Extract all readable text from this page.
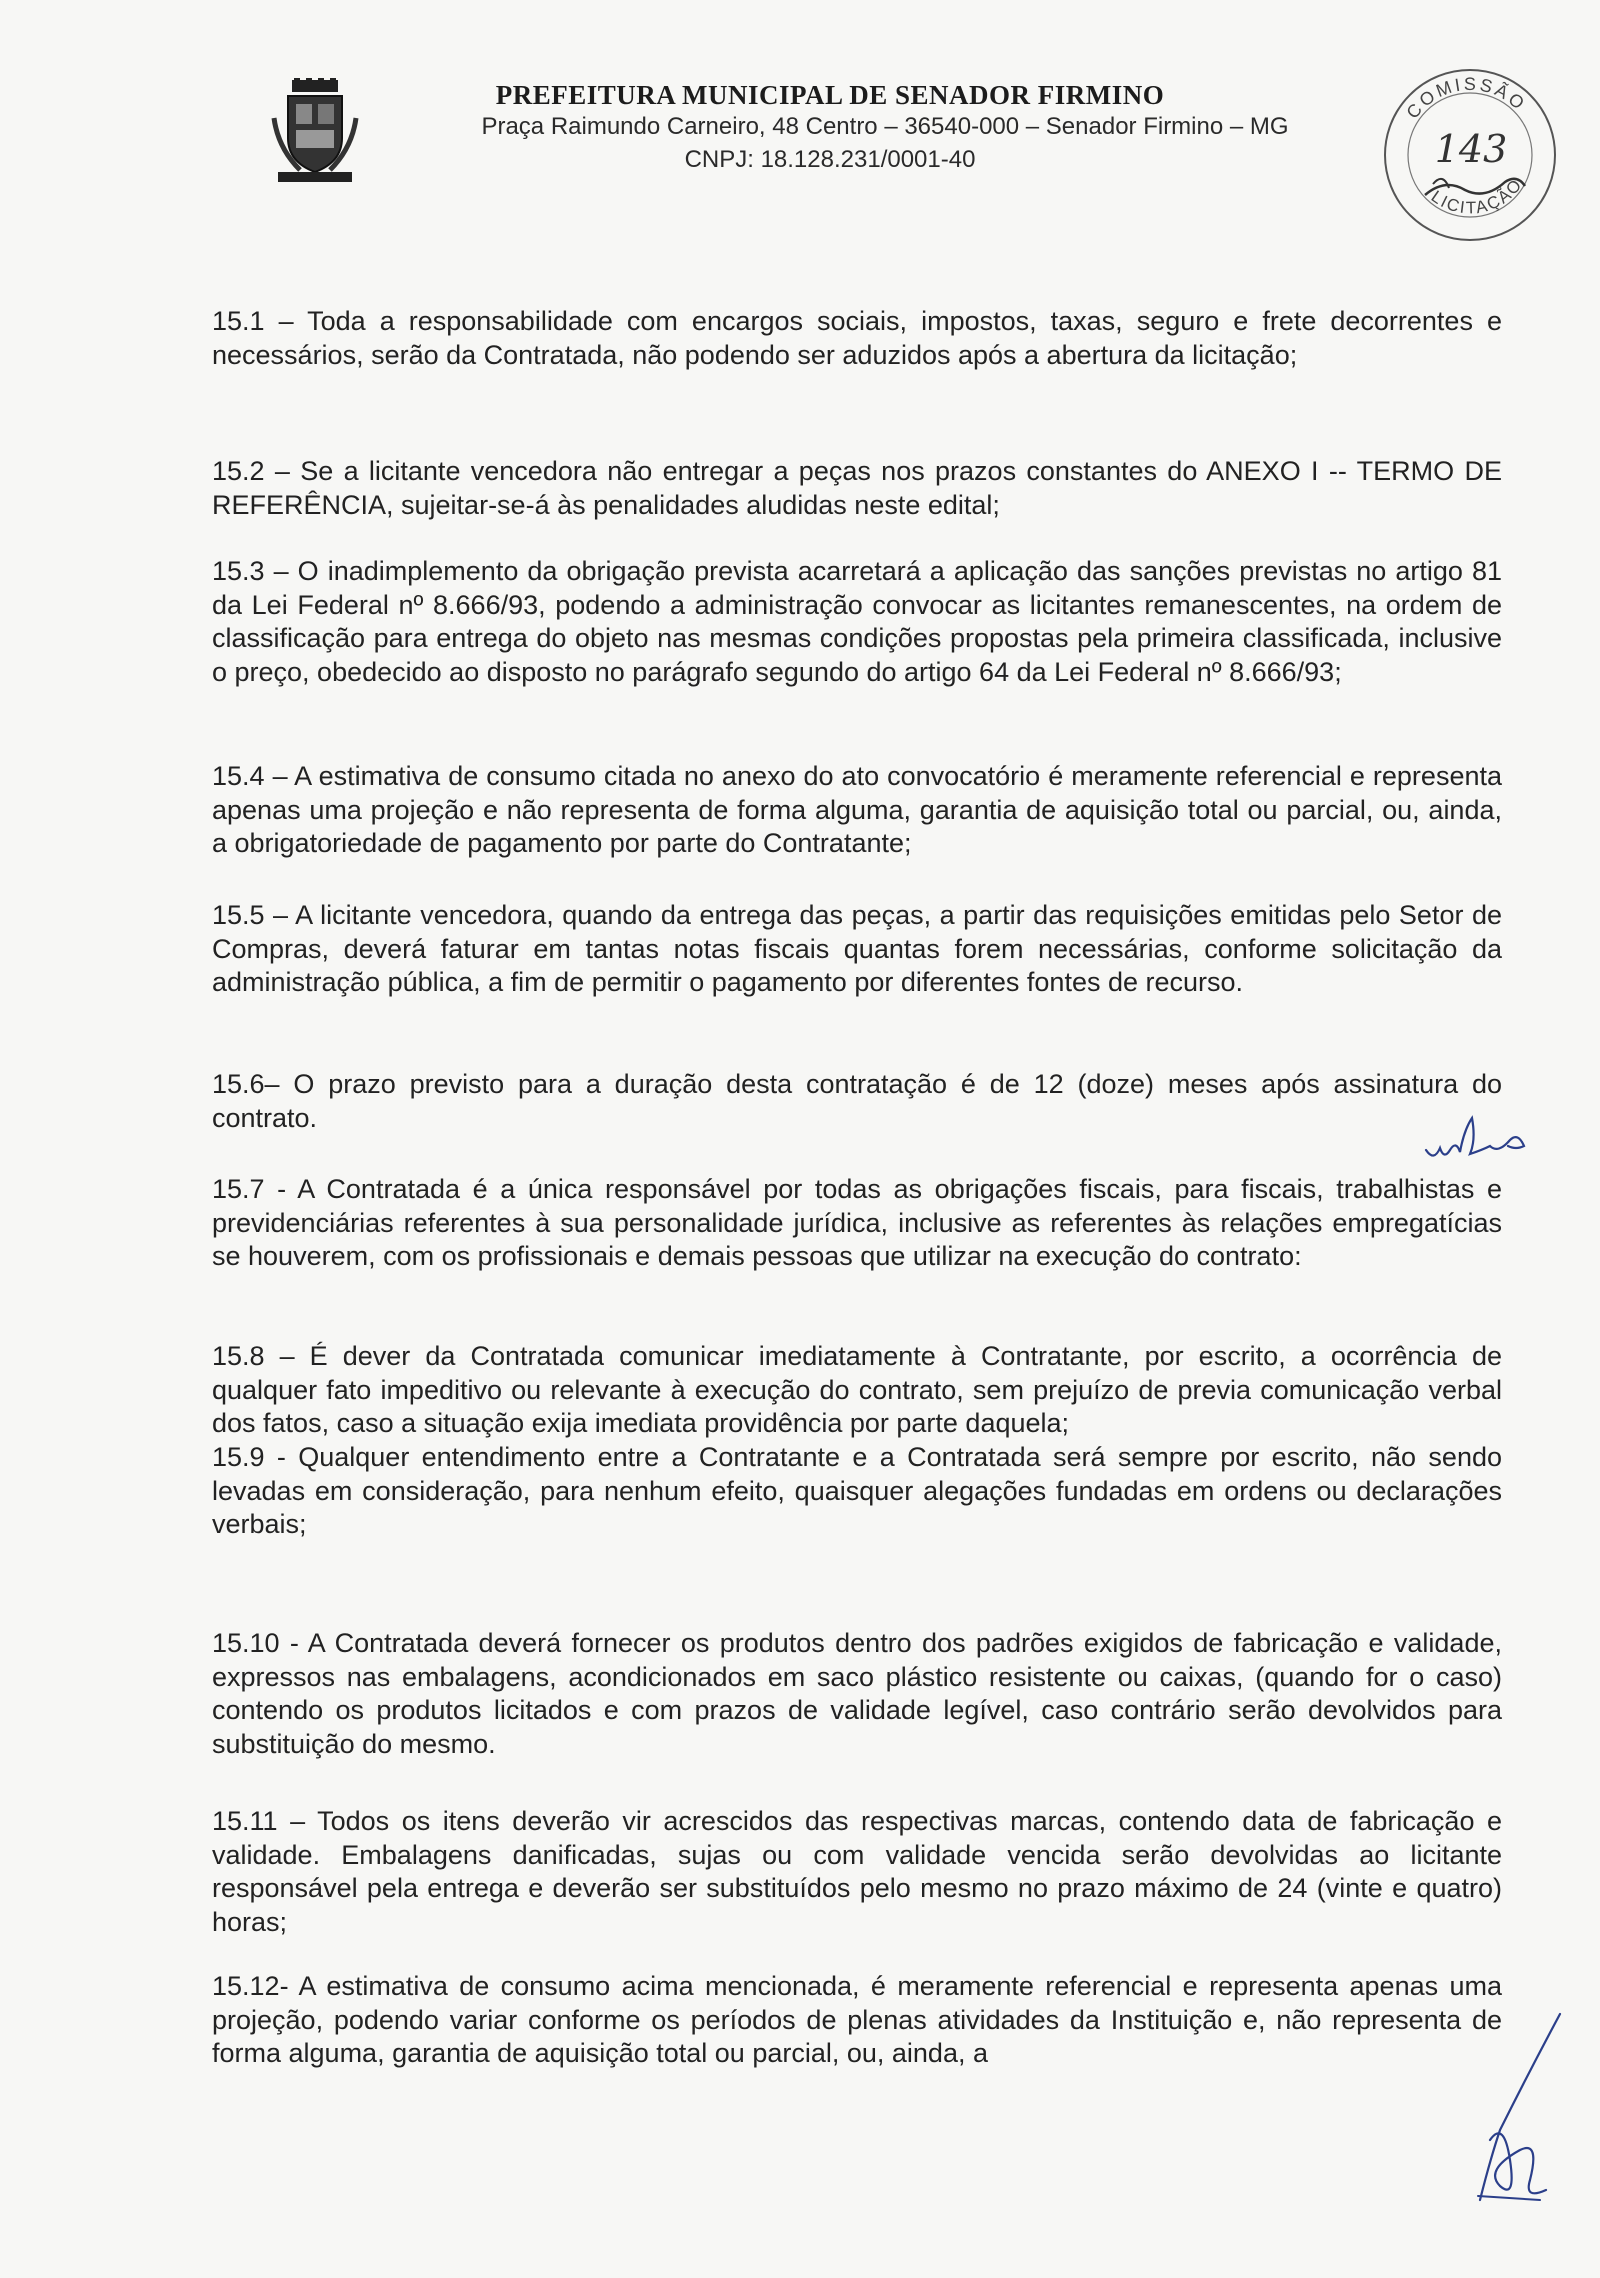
PREFEITURA MUNICIPAL DE SENADOR FIRMINO
Praça Raimundo Carneiro, 48 Centro – 36540-000 – Senador Firmino – MG
CNPJ: 18.128.231/0001-40
COMISSÃO
LICITAÇÃO
143

15.1 – Toda a responsabilidade com encargos sociais, impostos, taxas, seguro e frete decorrentes e necessários, serão da Contratada, não podendo ser aduzidos após a abertura da licitação;

15.2 – Se a licitante vencedora não entregar a peças nos prazos constantes do ANEXO I -- TERMO DE REFERÊNCIA, sujeitar-se-á às penalidades aludidas neste edital;

15.3 – O inadimplemento da obrigação prevista acarretará a aplicação das sanções previstas no artigo 81 da Lei Federal nº 8.666/93, podendo a administração convocar as licitantes remanescentes, na ordem de classificação para entrega do objeto nas mesmas condições propostas pela primeira classificada, inclusive o preço, obedecido ao disposto no parágrafo segundo do artigo 64 da Lei Federal nº 8.666/93;

15.4 – A estimativa de consumo citada no anexo do ato convocatório é meramente referencial e representa apenas uma projeção e não representa de forma alguma, garantia de aquisição total ou parcial, ou, ainda, a obrigatoriedade de pagamento por parte do Contratante;

15.5 – A licitante vencedora, quando da entrega das peças, a partir das requisições emitidas pelo Setor de Compras, deverá faturar em tantas notas fiscais quantas forem necessárias, conforme solicitação da administração pública, a fim de permitir o pagamento por diferentes fontes de recurso.

15.6– O prazo previsto para a duração desta contratação é de 12 (doze) meses após assinatura do contrato.

15.7 - A Contratada é a única responsável por todas as obrigações fiscais, para fiscais, trabalhistas e previdenciárias referentes à sua personalidade jurídica, inclusive as referentes às relações empregatícias se houverem, com os profissionais e demais pessoas que utilizar na execução do contrato:

15.8 – É dever da Contratada comunicar imediatamente à Contratante, por escrito, a ocorrência de qualquer fato impeditivo ou relevante à execução do contrato, sem prejuízo de previa comunicação verbal dos fatos, caso a situação exija imediata providência por parte daquela;

15.9 - Qualquer entendimento entre a Contratante e a Contratada será sempre por escrito, não sendo levadas em consideração, para nenhum efeito, quaisquer alegações fundadas em ordens ou declarações verbais;

15.10 - A Contratada deverá fornecer os produtos dentro dos padrões exigidos de fabricação e validade, expressos nas embalagens, acondicionados em saco plástico resistente ou caixas, (quando for o caso) contendo os produtos licitados e com prazos de validade legível, caso contrário serão devolvidos para substituição do mesmo.

15.11 – Todos os itens deverão vir acrescidos das respectivas marcas, contendo data de fabricação e validade. Embalagens danificadas, sujas ou com validade vencida serão devolvidas ao licitante responsável pela entrega e deverão ser substituídos pelo mesmo no prazo máximo de 24 (vinte e quatro) horas;

15.12- A estimativa de consumo acima mencionada, é meramente referencial e representa apenas uma projeção, podendo variar conforme os períodos de plenas atividades da Instituição e, não representa de forma alguma, garantia de aquisição total ou parcial, ou, ainda, a
